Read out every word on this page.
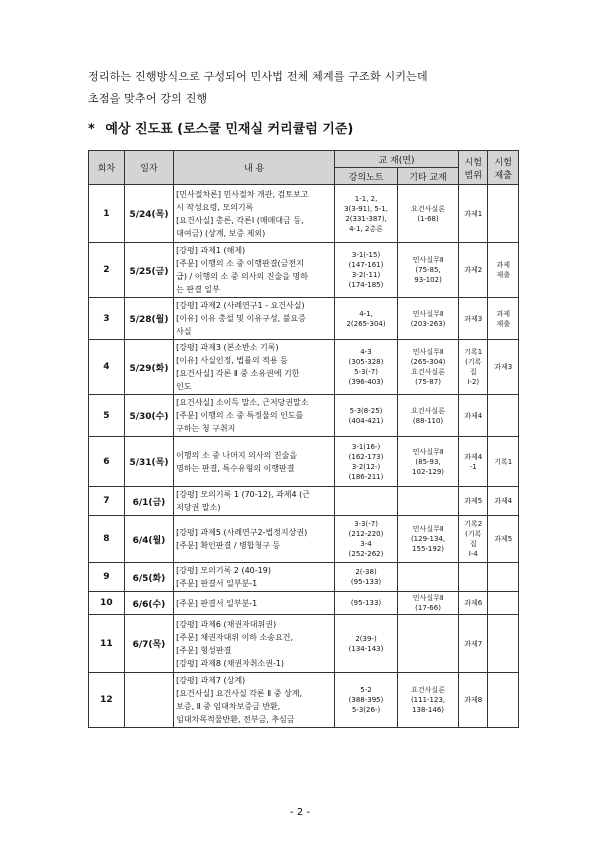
정리하는 진행방식으로 구성되어 민사법 전체 체계를 구조화 시키는데

초점을 맞추어 강의 진행

* 예상 진도표 (로스쿨 민재실 커리큘럼 기준)
회차	일자	내 용	교 재(면)		시험범위	시험제출
			강의노트	기타 교재		
1	5/24(목)	[민사절차론] 민사절차 개관, 검토보고
시 작성요령, 모의기록
[요건사실] 총론, 각론Ⅰ (매매대금 등,
대여금) (상계, 보증 제외)	1-1, 2,
3(3-91), 5-1,
2(331-387),
4-1, 2총론	요건사실론
(1-68)	과제1	

2	5/25(금)	[강평] 과제1 (해제)
[주문] 이행의 소 중 이행판결(금전지
급) / 이행의 소 중 의사의 진술을 명하
는 판결 일부	3-1(-15)
(147-161)
3-2(-11)
(174-185)	민사실무Ⅱ
(75-85,
93-102)	과제2	과제
제출

3	5/28(월)	[강평] 과제2 (사례연구1 - 요건사실)
[이유] 이유 총설 및 이유구성, 불요증
사실	4-1,
2(265-304)	민사실무Ⅱ
(203-263)	과제3	과제
제출

4	5/29(화)	[강평] 과제3 (본소반소 기록)
[이유] 사실인정, 법률의 적용 등
[요건사실] 각론 Ⅱ 중 소유권에 기한
인도	4-3
(305-328)
5-3(-7)
(396-403)	민사실무Ⅱ
(265-304)
요건사실론
(75-87)	기록1
(기록
집
Ⅰ-2)	과제3

5	5/30(수)	[요건사실] 소이득 말소, 근저당권말소
[주문] 이행의 소 중 특정물의 인도를
구하는 청 구취지	5-3(8-25)
(404-421)	요건사실론
(88-110)	과제4	

6	5/31(목)	이행의 소 중 나머지 의사의 진술을
명하는 판결, 특수유형의 이행판결	3-1(16-)
(162-173)
3-2(12-)
(186-211)	민사실무Ⅱ
(85-93,
102-129)	과제4
-1	기록1

7	6/1(금)	[강평] 모의기록 1 (70-12), 과제4 (근
저당권 말소)			과제5	과제4

8	6/4(월)	[강평] 과제5 (사례연구2-법정지상권)
[주문] 확인판결 / 병합청구 등	3-3(-7)
(212-220)
3-4
(252-262)	민사실무Ⅱ
(129-134,
155-192)	기록2
(기록
집
Ⅰ-4	과제5

9	6/5(화)	[강평] 모의기록 2 (40-19)
[주문] 판결서 일부분-1	2(-38)
(95-133)			

10	6/6(수)	[주문] 판결서 일부분-1	(95-133)	민사실무Ⅱ
(17-66)	과제6	

11	6/7(목)	[강평] 과제6 (채권자대위권)
[주문] 채권자대위 이하 소송요건,
[주문] 형성판결
[강평] 과제8 (채권자취소권-1)	2(39-)
(134-143)		과제7	

12		[강평] 과제7 (상계)
[요건사실] 요건사실 각론 Ⅱ 중 상계,
보증, Ⅱ 중 임대차보증금 반환,
임대차목적물반환, 전부금, 추심금	5-2
(388-395)
5-3(26-)	요건사실론
(111-123,
138-146)	과제8	

- 2 -
